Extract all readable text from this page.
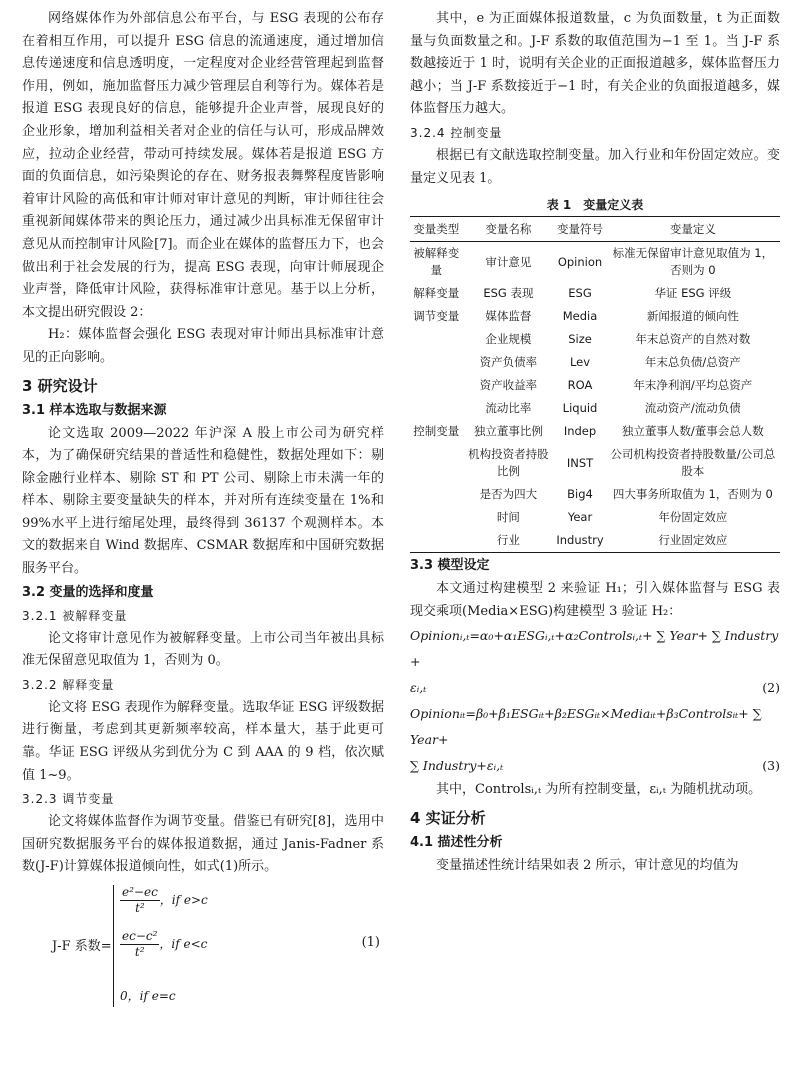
网络媒体作为外部信息公布平台，与 ESG 表现的公布存在着相互作用，可以提升 ESG 信息的流通速度，通过增加信息传递速度和信息透明度，一定程度对企业经营管理起到监督作用，例如，施加监督压力减少管理层自利等行为。媒体若是报道 ESG 表现良好的信息，能够提升企业声誉，展现良好的企业形象，增加利益相关者对企业的信任与认可，形成品牌效应，拉动企业经营，带动可持续发展。媒体若是报道 ESG 方面的负面信息，如污染舆论的存在、财务报表舞弊程度皆影响着审计风险的高低和审计师对审计意见的判断，审计师往往会重视新闻媒体带来的舆论压力，通过减少出具标准无保留审计意见从而控制审计风险[7]。而企业在媒体的监督压力下，也会做出利于社会发展的行为，提高 ESG 表现，向审计师展现企业声誉，降低审计风险，获得标准审计意见。基于以上分析，本文提出研究假设 2：

H₂：媒体监督会强化 ESG 表现对审计师出具标准审计意见的正向影响。

3 研究设计
3.1 样本选取与数据来源

论文选取 2009—2022 年沪深 A 股上市公司为研究样本，为了确保研究结果的普适性和稳健性，数据处理如下：剔除金融行业样本、剔除 ST 和 PT 公司、剔除上市未满一年的样本、剔除主要变量缺失的样本，并对所有连续变量在 1%和 99%水平上进行缩尾处理，最终得到 36137 个观测样本。本文的数据来自 Wind 数据库、CSMAR 数据库和中国研究数据服务平台。

3.2 变量的选择和度量
3.2.1 被解释变量

论文将审计意见作为被解释变量。上市公司当年被出具标准无保留意见取值为 1，否则为 0。

3.2.2 解释变量

论文将 ESG 表现作为解释变量。选取华证 ESG 评级数据进行衡量，考虑到其更新频率较高，样本量大，基于此更可靠。华证 ESG 评级从劣到优分为 C 到 AAA 的 9 档，依次赋值 1~9。

3.2.3 调节变量

论文将媒体监督作为调节变量。借鉴已有研究[8]，选用中国研究数据服务平台的媒体报道数据，通过 Janis-Fadner 系数(J-F)计算媒体报道倾向性，如式(1)所示。

J-F 系数=
$\frac{\text{e²−ec}}{\text{t²}}$ ，if e>c
$\frac{\text{ec−c²}}{\text{t²}}$ ，if e<c
0，if e=c
(1)

其中，e 为正面媒体报道数量，c 为负面数量，t 为正面数量与负面数量之和。J-F 系数的取值范围为−1 至 1。当 J-F 系数越接近于 1 时，说明有关企业的正面报道越多，媒体监督压力越小；当 J-F 系数接近于−1 时，有关企业的负面报道越多，媒体监督压力越大。

3.2.4 控制变量

根据已有文献选取控制变量。加入行业和年份固定效应。变量定义见表 1。

表 1　变量定义表
变量类型	变量名称	变量符号	变量定义
被解释变量	审计意见	Opinion	标准无保留审计意见取值为 1，否则为 0
解释变量	ESG 表现	ESG	华证 ESG 评级
调节变量	媒体监督	Media	新闻报道的倾向性
	企业规模	Size	年末总资产的自然对数
	资产负债率	Lev	年末总负债/总资产
	资产收益率	ROA	年末净利润/平均总资产
	流动比率	Liquid	流动资产/流动负债
控制变量	独立董事比例	Indep	独立董事人数/董事会总人数
	机构投资者持股比例	INST	公司机构投资者持股数量/公司总股本
	是否为四大	Big4	四大事务所取值为 1，否则为 0
	时间	Year	年份固定效应
	行业	Industry	行业固定效应
3.3 模型设定

本文通过构建模型 2 来验证 H₁；引入媒体监督与 ESG 表现交乘项(Media×ESG)构建模型 3 验证 H₂：

Opinionᵢ,ₜ=α₀+α₁ESGᵢ,ₜ+α₂Controlsᵢ,ₜ+ ∑ Year+ ∑ Industry +
εᵢ,ₜ	(2)
Opinionᵢₜ=β₀+β₁ESGᵢₜ+β₂ESGᵢₜ×Mediaᵢₜ+β₃Controlsᵢₜ+ ∑ Year+
∑ Industry+εᵢ,ₜ	(3)

其中，Controlsᵢ,ₜ 为所有控制变量，εᵢ,ₜ 为随机扰动项。

4 实证分析
4.1 描述性分析

变量描述性统计结果如表 2 所示，审计意见的均值为
